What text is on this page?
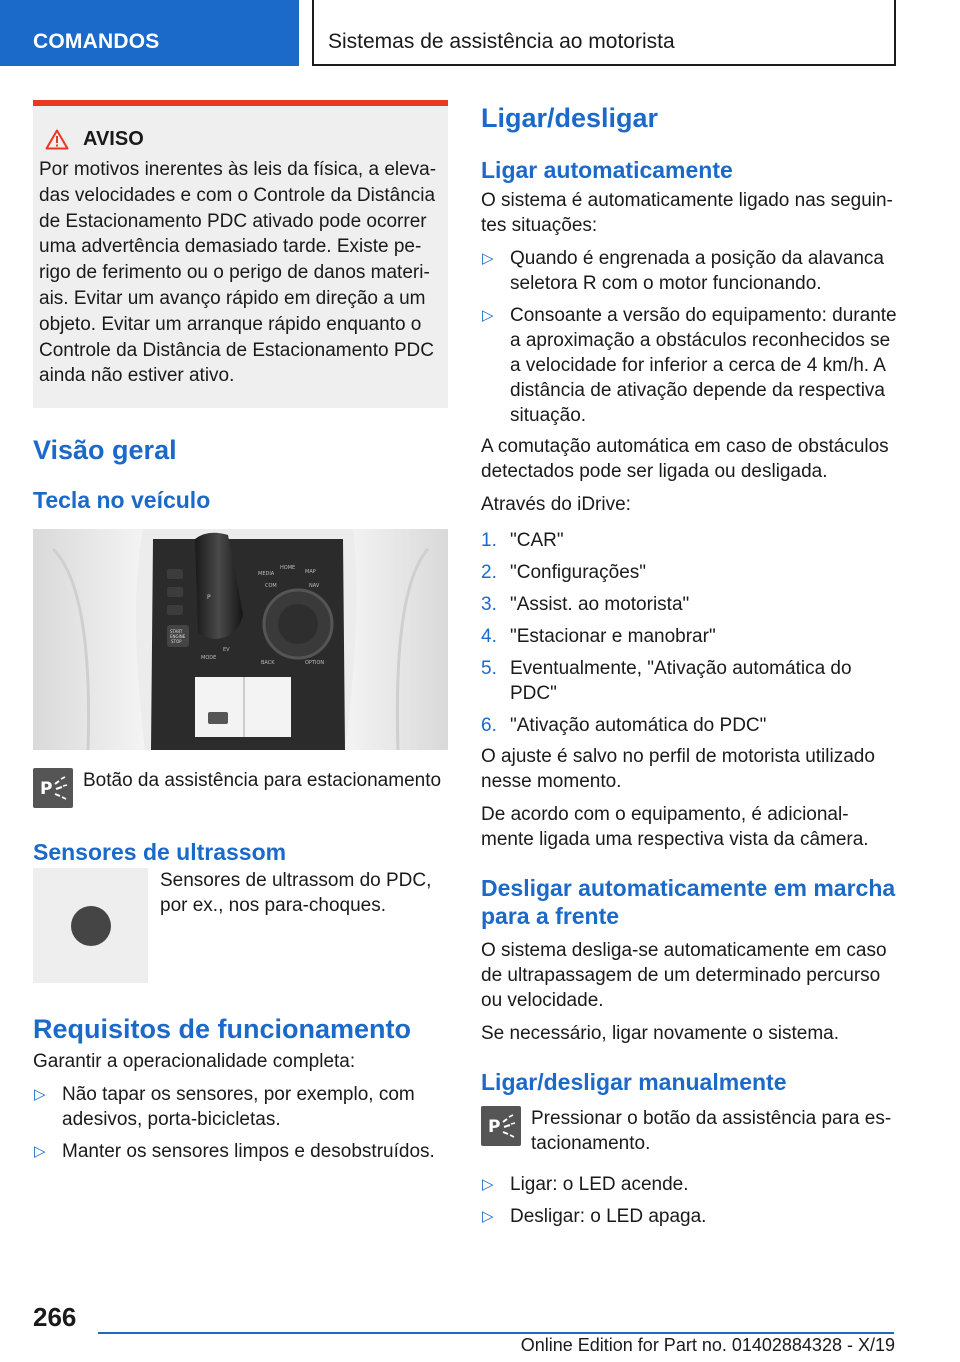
COMANDOS	Sistemas de assistência ao motorista
AVISO

Por motivos inerentes às leis da física, a eleva-das velocidades e com o Controle da Distância de Estacionamento PDC ativado pode ocorrer uma advertência demasiado tarde. Existe pe-rigo de ferimento ou o perigo de danos materi-ais. Evitar um avanço rápido em direção a um objeto. Evitar um arranque rápido enquanto o Controle da Distância de Estacionamento PDC ainda não estiver ativo.

Visão geral
Tecla no veículo
MEDIA
HOME
MAP
COM	NAV
BACK	OPTION
START
ENGINE
STOP
P
MODE
EV
P Botão da assistência para estacionamento

Sensores de ultrassom

Sensores de ultrassom do PDC, por ex., nos para-choques.

Requisitos de funcionamento

Garantir a operacionalidade completa:

▷ Não tapar os sensores, por exemplo, com adesivos, porta-bicicletas.
▷ Manter os sensores limpos e desobstruídos.
Ligar/desligar
Ligar automaticamente

O sistema é automaticamente ligado nas seguin-tes situações:

▷ Quando é engrenada a posição da alavanca seletora R com o motor funcionando.
▷ Consoante a versão do equipamento: durante a aproximação a obstáculos reconhecidos se a velocidade for inferior a cerca de 4 km/h. A distância de ativação depende da respectiva situação.

A comutação automática em caso de obstáculos detectados pode ser ligada ou desligada.

Através do iDrive:

1. "CAR"
2. "Configurações"
3. "Assist. ao motorista"
4. "Estacionar e manobrar"
5. Eventualmente, "Ativação automática do PDC"
6. "Ativação automática do PDC"

O ajuste é salvo no perfil de motorista utilizado nesse momento.

De acordo com o equipamento, é adicional-mente ligada uma respectiva vista da câmera.

Desligar automaticamente em marcha para a frente

O sistema desliga-se automaticamente em caso de ultrapassagem de um determinado percurso ou velocidade.

Se necessário, ligar novamente o sistema.

Ligar/desligar manualmente
P Pressionar o botão da assistência para es-tacionamento.

▷ Ligar: o LED acende.
▷ Desligar: o LED apaga.
266
Online Edition for Part no. 01402884328 - X/19
